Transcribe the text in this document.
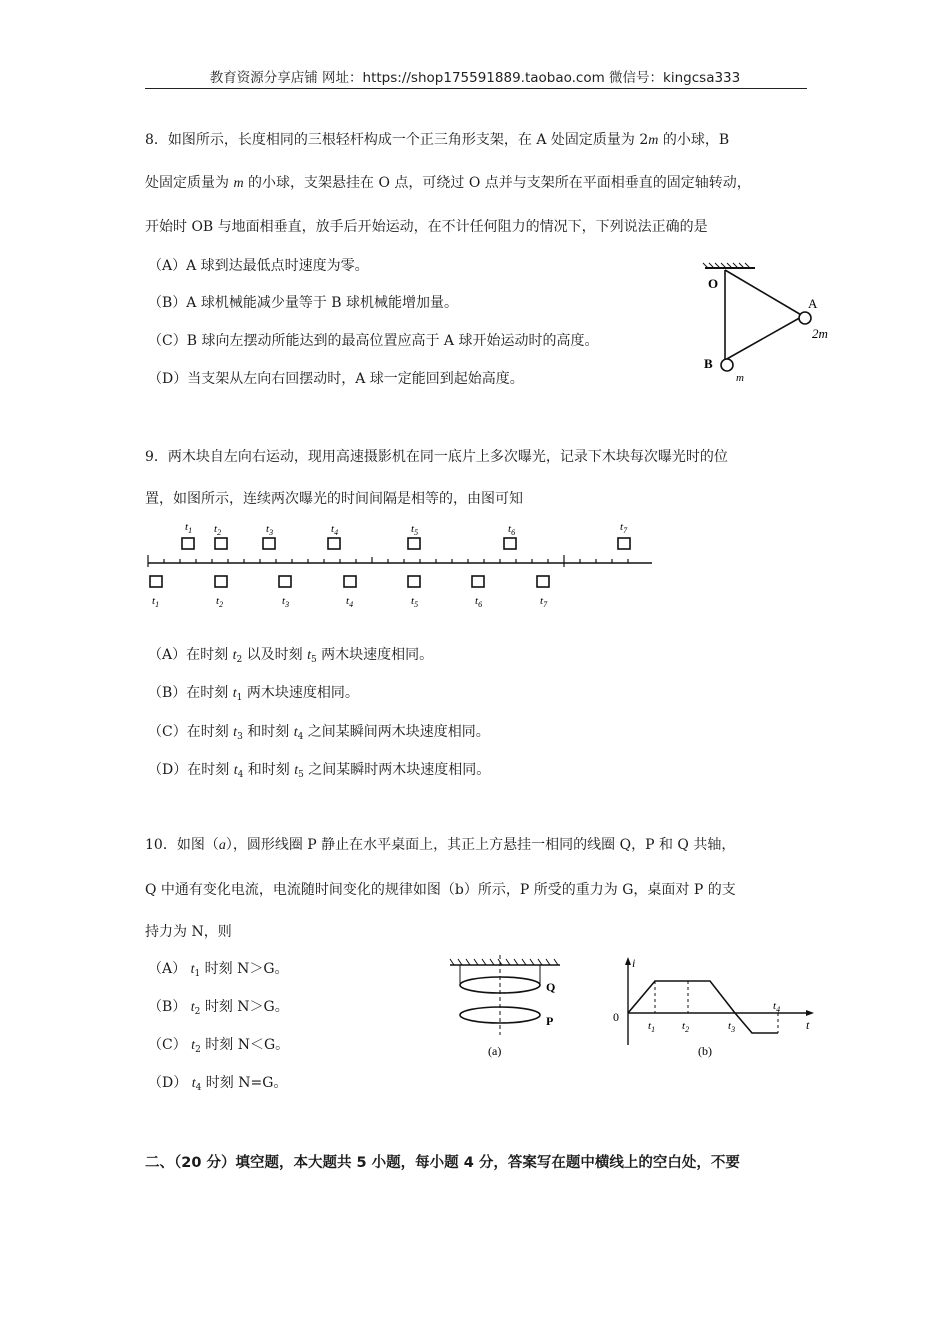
教育资源分享店铺 网址：https://shop175591889.taobao.com 微信号：kingcsa333
8．如图所示，长度相同的三根轻杆构成一个正三角形支架，在 A 处固定质量为 2m 的小球，B
处固定质量为 m 的小球，支架悬挂在 O 点，可绕过 O 点并与支架所在平面相垂直的固定轴转动，
开始时 OB 与地面相垂直，放手后开始运动，在不计任何阻力的情况下，下列说法正确的是
（A）A 球到达最低点时速度为零。
（B）A 球机械能减少量等于 B 球机械能增加量。
（C）B 球向左摆动所能达到的最高位置应高于 A 球开始运动时的高度。
（D）当支架从左向右回摆动时，A 球一定能回到起始高度。
O
A
2m
B
m
9．两木块自左向右运动，现用高速摄影机在同一底片上多次曝光，记录下木块每次曝光时的位
置，如图所示，连续两次曝光的时间间隔是相等的，由图可知
$t_1$ $t_2$	$t_3$	$t_4$	$t_5$	$t_6$	$t_7$
$t_1$	$t_2$	$t_3$	$t_4$	$t_5$	$t_6$	$t_7$
（A）在时刻 $t_2$ 以及时刻 $t_5$ 两木块速度相同。
（B）在时刻 $t_1$ 两木块速度相同。
（C）在时刻 $t_3$ 和时刻 $t_4$ 之间某瞬间两木块速度相同。
（D）在时刻 $t_4$ 和时刻 $t_5$ 之间某瞬时两木块速度相同。
10．如图（a），圆形线圈 P 静止在水平桌面上，其正上方悬挂一相同的线圈 Q，P 和 Q 共轴，
Q 中通有变化电流，电流随时间变化的规律如图（b）所示，P 所受的重力为 G，桌面对 P 的支
持力为 N，则
（A） $t_1$ 时刻 N＞G。
（B） $t_2$ 时刻 N＞G。
（C） $t_2$ 时刻 N＜G。
（D） $t_4$ 时刻 N=G。
Q
P
(a)
i
t
0
$t_1$ $t_2$	$t_3$
$t_4$
(b)
二、（20 分）填空题，本大题共 5 小题，每小题 4 分，答案写在题中横线上的空白处，不要
